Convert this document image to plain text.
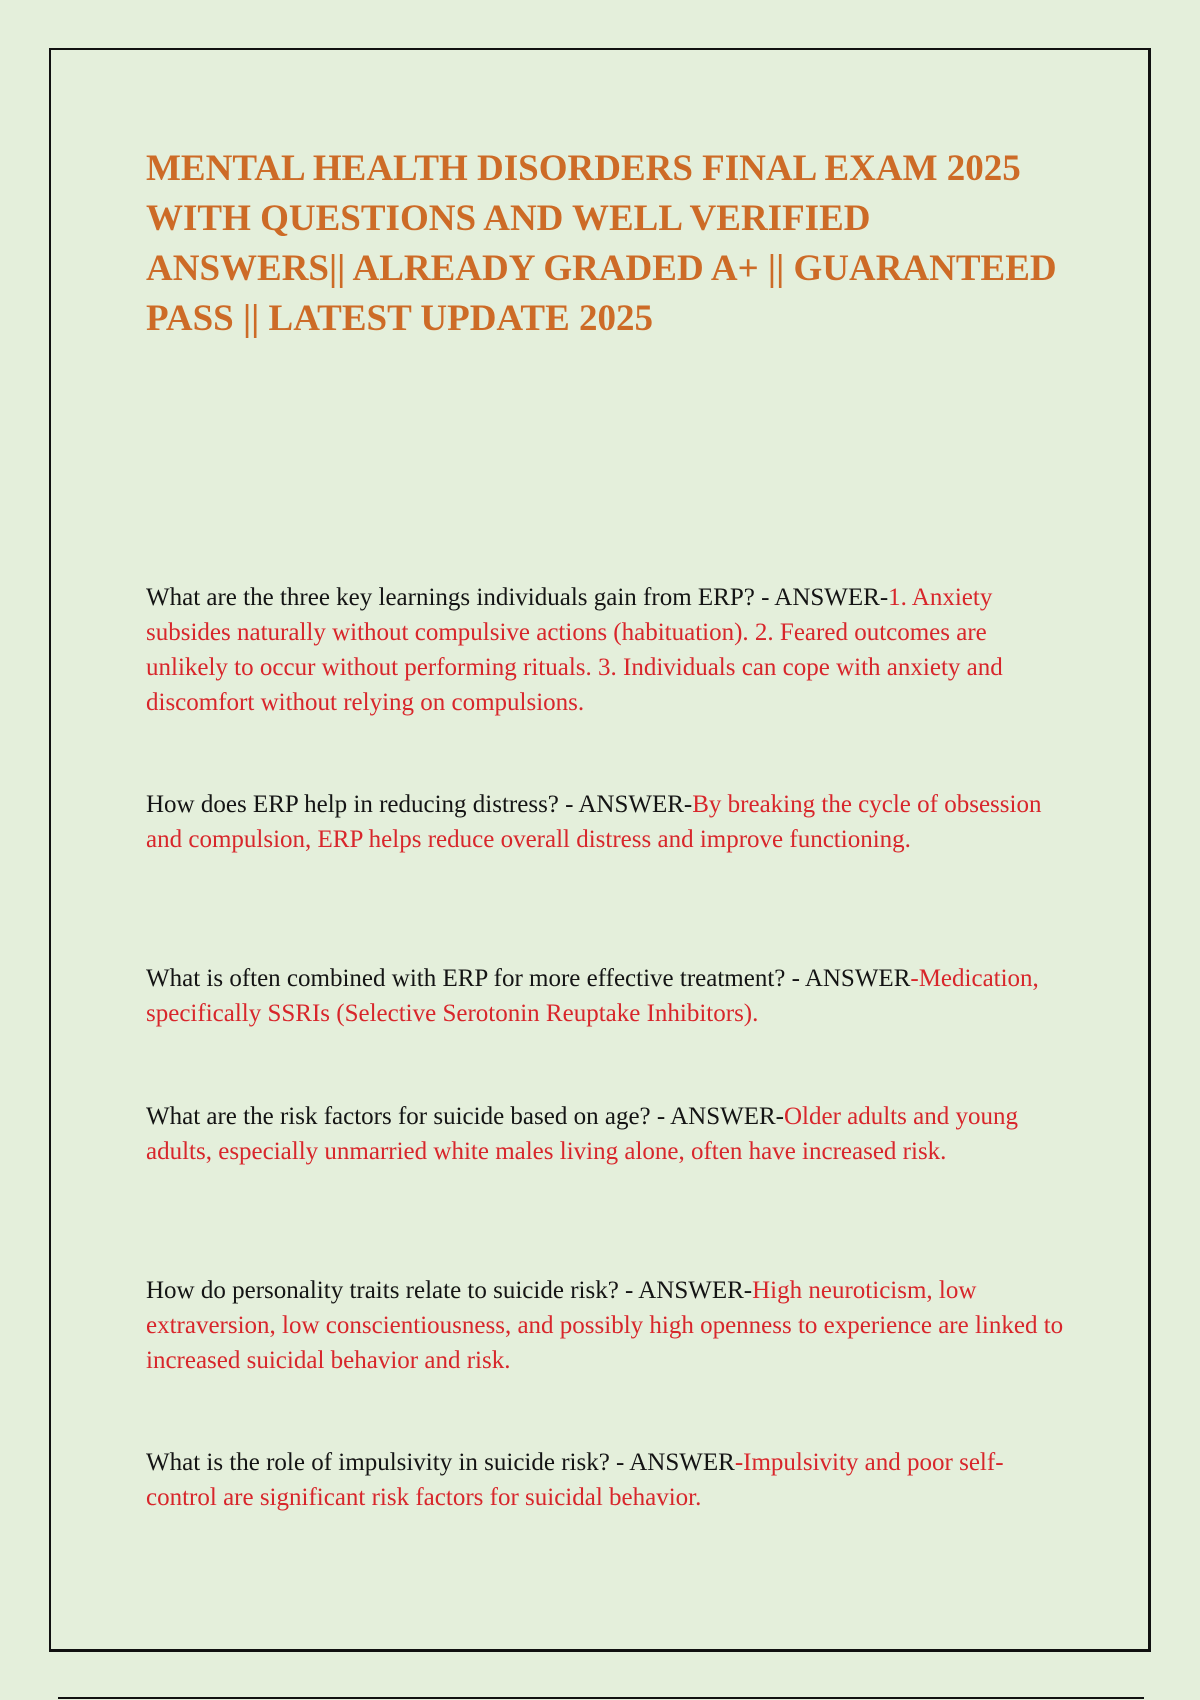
MENTAL HEALTH DISORDERS FINAL EXAM 2025 WITH QUESTIONS AND WELL VERIFIED ANSWERS|| ALREADY GRADED A+ || GUARANTEED PASS || LATEST UPDATE 2025

What are the three key learnings individuals gain from ERP? - ANSWER-1. Anxiety subsides naturally without compulsive actions (habituation). 2. Feared outcomes are unlikely to occur without performing rituals. 3. Individuals can cope with anxiety and discomfort without relying on compulsions.

How does ERP help in reducing distress? - ANSWER-By breaking the cycle of obsession and compulsion, ERP helps reduce overall distress and improve functioning.

What is often combined with ERP for more effective treatment? - ANSWER-Medication, specifically SSRIs (Selective Serotonin Reuptake Inhibitors).

What are the risk factors for suicide based on age? - ANSWER-Older adults and young adults, especially unmarried white males living alone, often have increased risk.

How do personality traits relate to suicide risk? - ANSWER-High neuroticism, low extraversion, low conscientiousness, and possibly high openness to experience are linked to increased suicidal behavior and risk.

What is the role of impulsivity in suicide risk? - ANSWER-Impulsivity and poor self-control are significant risk factors for suicidal behavior.
